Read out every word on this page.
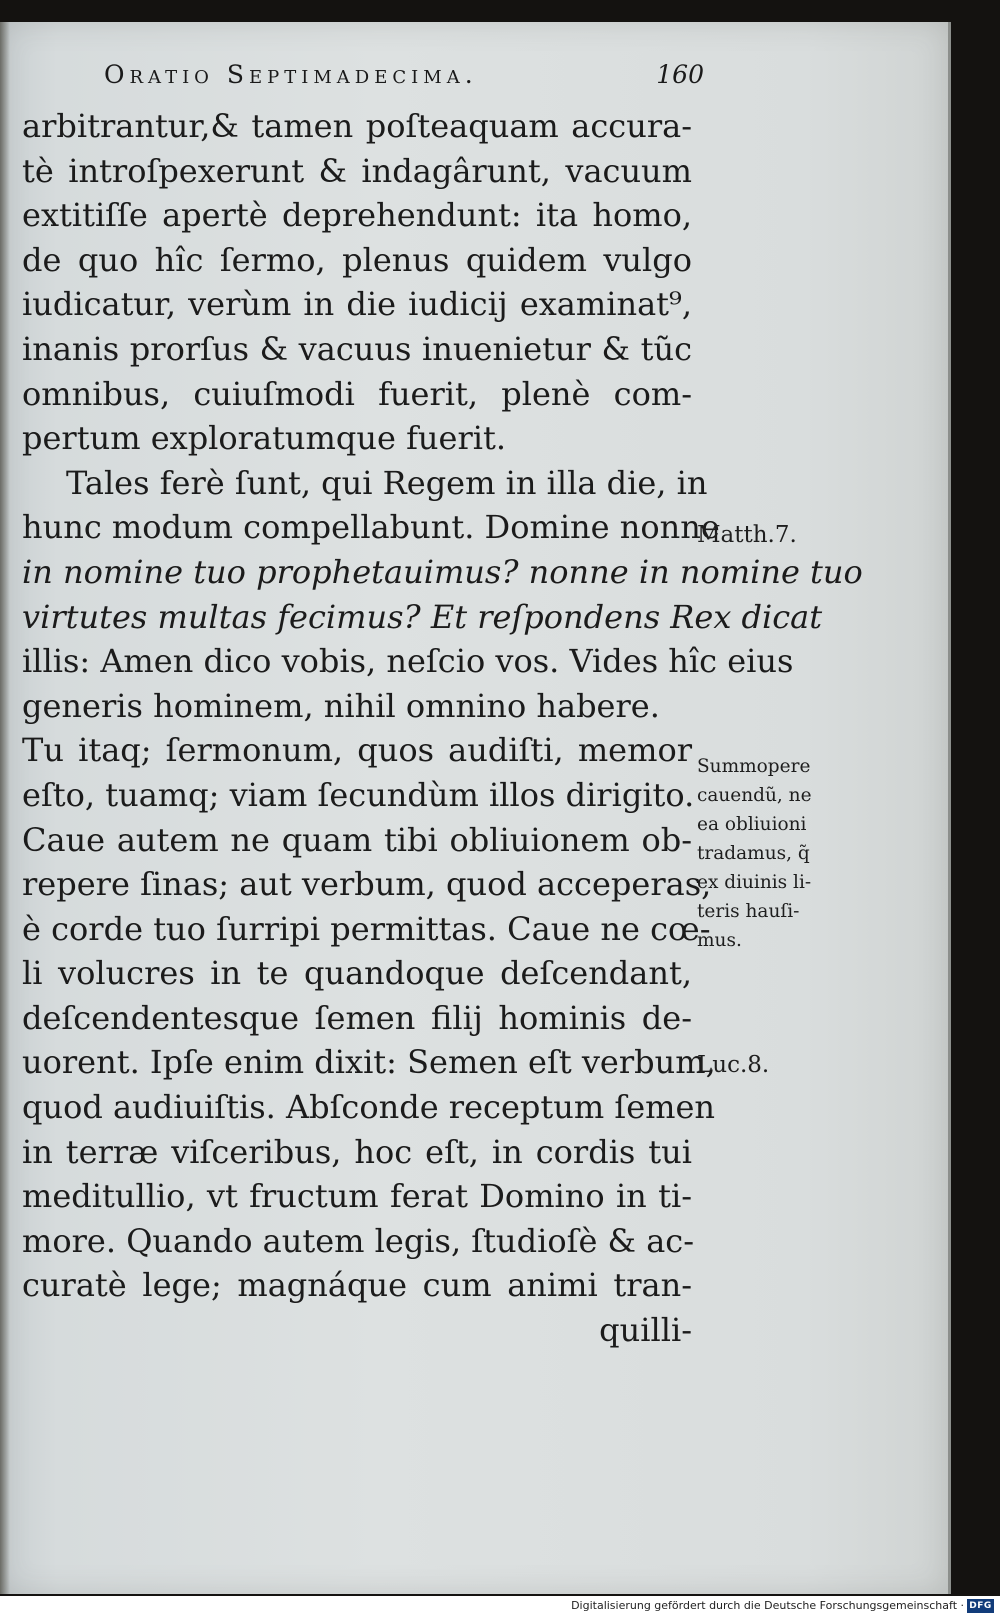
Oratio Septimadecima.	160
arbitrantur,& tamen poſteaquam accura-
tè introſpexerunt & indagârunt, vacuum
extitiſſe apertè deprehendunt: ita homo,
de quo hîc ſermo, plenus quidem vulgo
iudicatur, verùm in die iudicij examinat⁹,
inanis prorſus & vacuus inuenietur & tũc
omnibus, cuiuſmodi fuerit, plenè com-
pertum exploratumque fuerit.
Tales ferè ſunt, qui Regem in illa die, in
hunc modum compellabunt. Domine nonne
in nomine tuo prophetauimus? nonne in nomine tuo
virtutes multas fecimus? Et reſpondens Rex dicat
illis: Amen dico vobis, neſcio vos. Vides hîc eius
generis hominem, nihil omnino habere.
Tu itaq; ſermonum, quos audiſti, memor
eſto, tuamq; viam ſecundùm illos dirigito.
Caue autem ne quam tibi obliuionem ob-
repere ſinas; aut verbum, quod acceperas,
è corde tuo ſurripi permittas. Caue ne cœ-
li volucres in te quandoque deſcendant,
deſcendentesque ſemen filij hominis de-
uorent. Ipſe enim dixit: Semen eſt verbum,
quod audiuiſtis. Abſconde receptum ſemen
in terræ viſceribus, hoc eſt, in cordis tui
meditullio, vt fructum ferat Domino in ti-
more. Quando autem legis, ſtudioſè & ac-
curatè lege; magnáque cum animi tran-
quilli-
Matth.7.
Summopere
cauendũ, ne
ea obliuioni
tradamus, q̃
ex diuinis li-
teris hauſi-
mus.
Luc.8.
Digitalisierung gefördert durch die Deutsche Forschungsgemeinschaft · DFG
